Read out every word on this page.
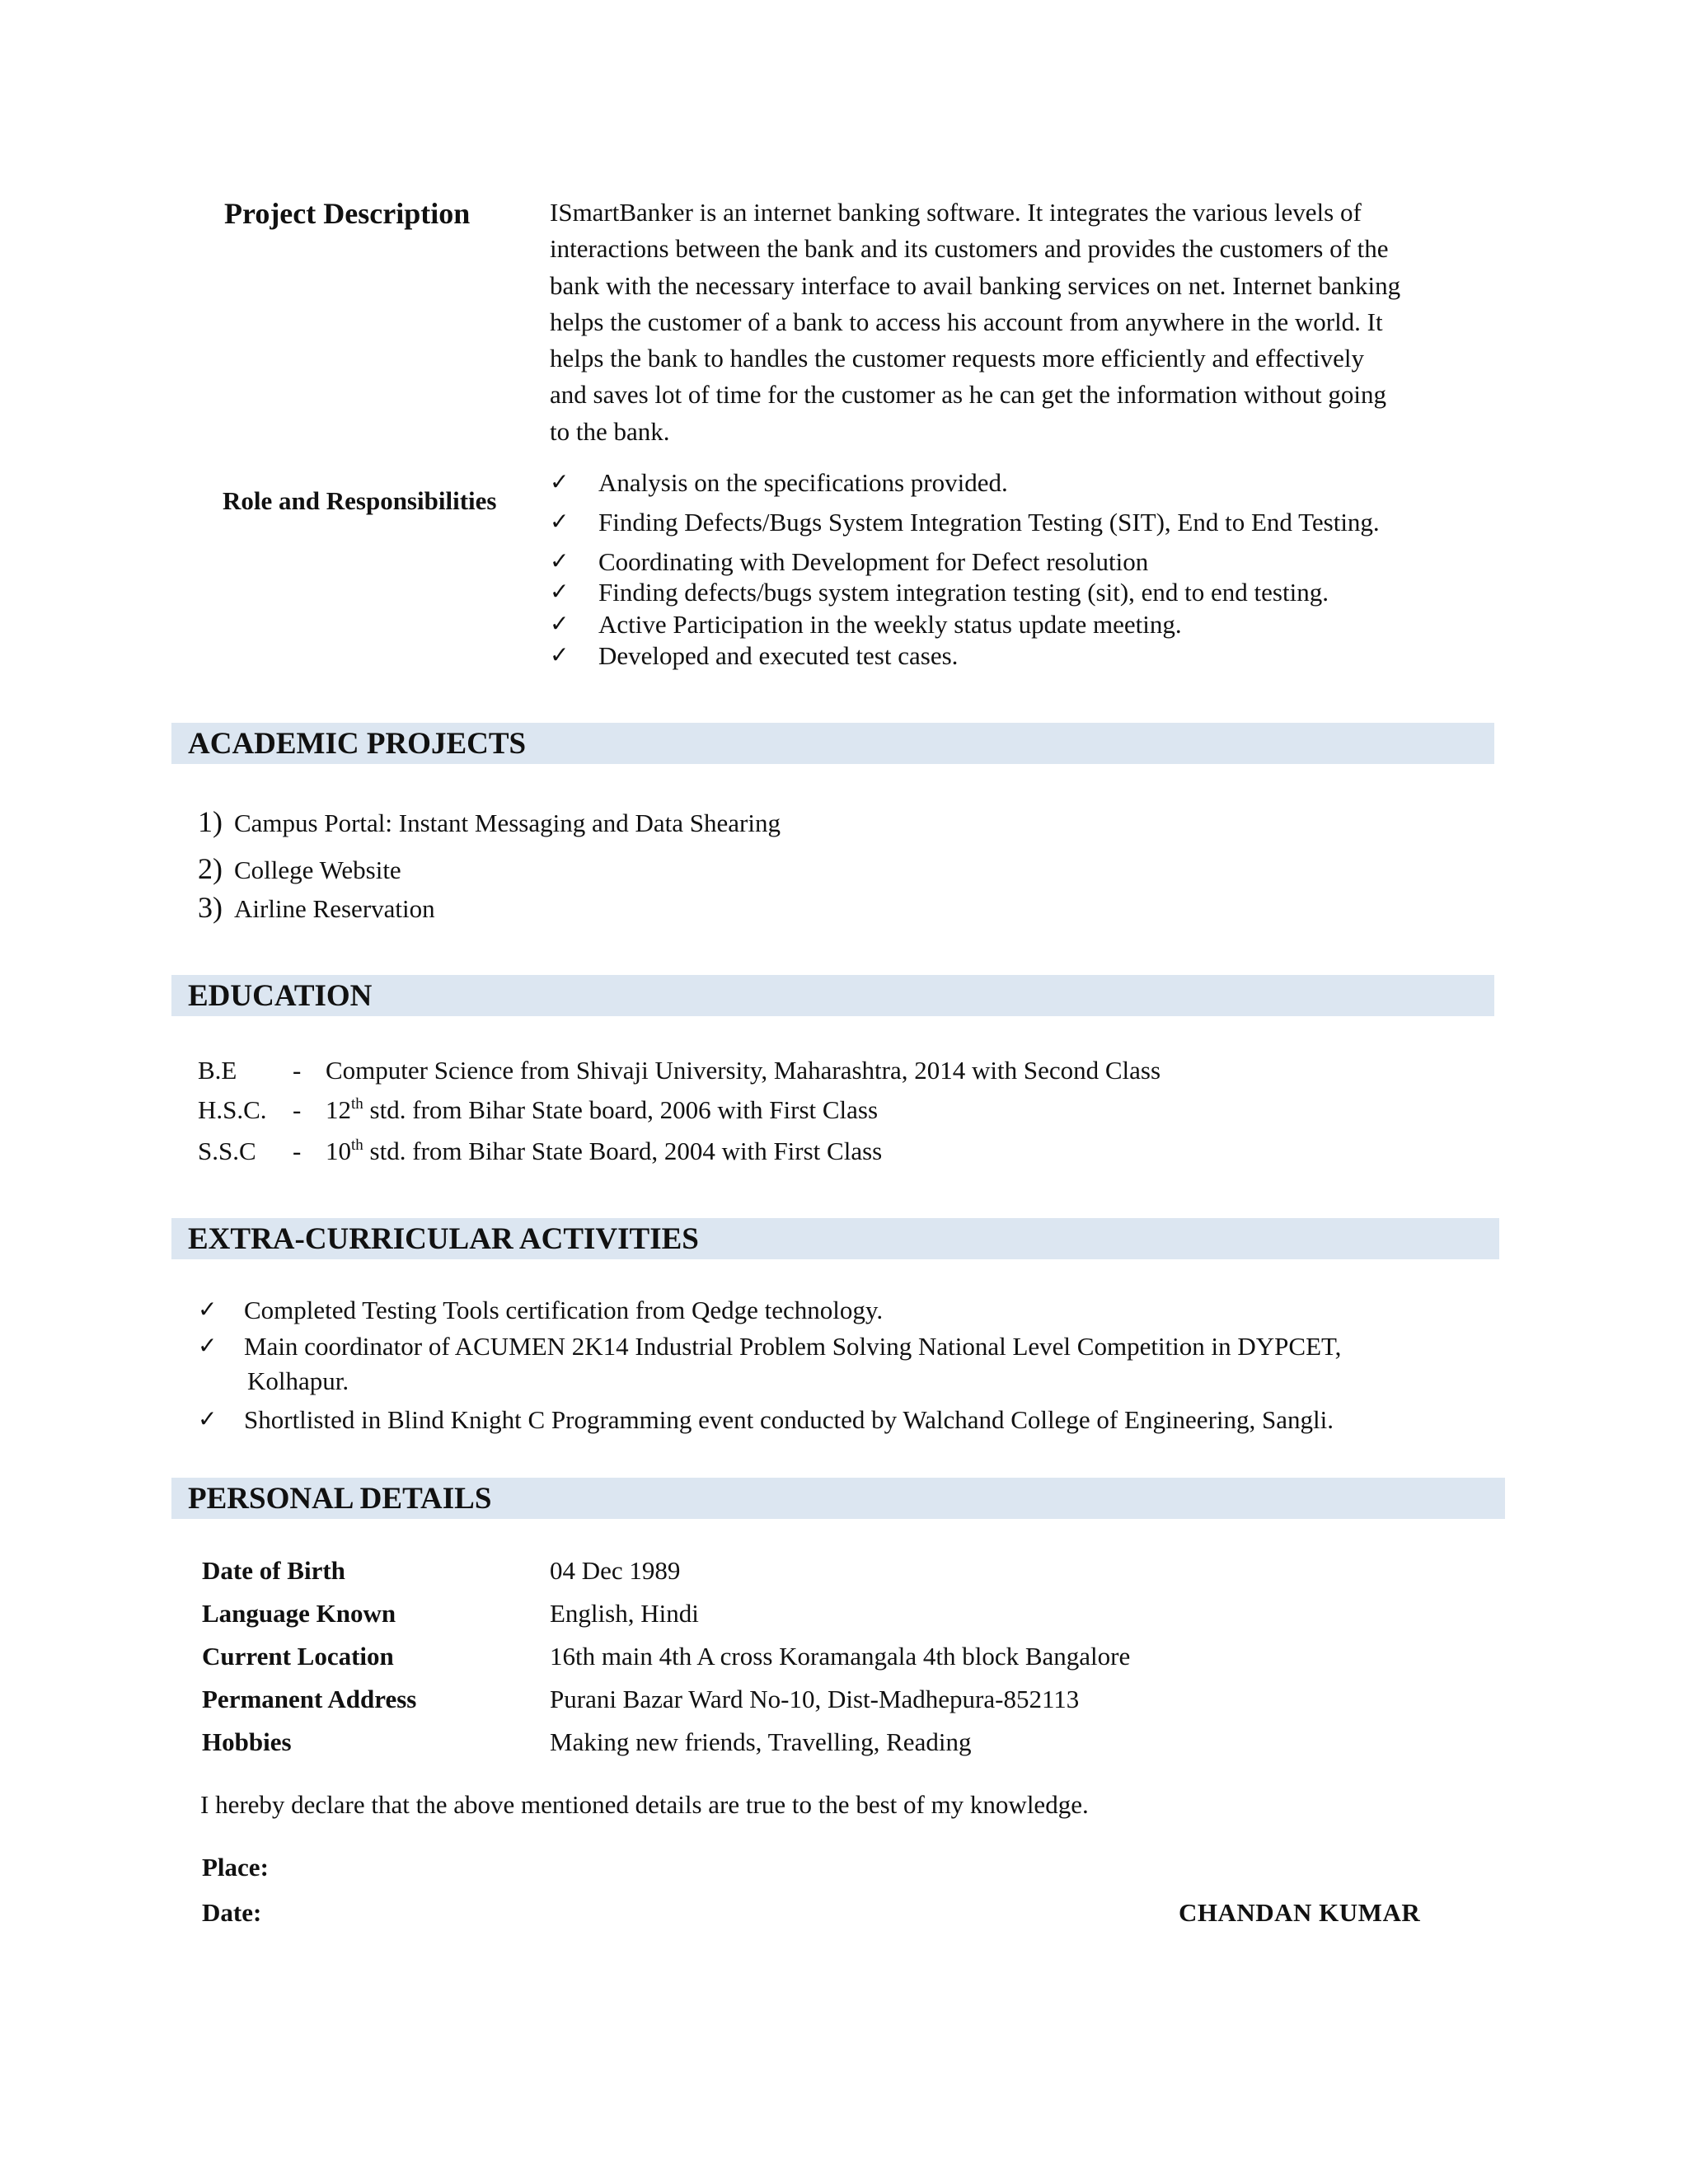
Project Description	ISmartBanker is an internet banking software. It integrates the various levels of
interactions between the bank and its customers and provides the customers of the
bank with the necessary interface to avail banking services on net. Internet banking
helps the customer of a bank to access his account from anywhere in the world. It
helps the bank to handles the customer requests more efficiently and effectively
and saves lot of time for the customer as he can get the information without going
to the bank.
Role and Responsibilities
✓ Analysis on the specifications provided.
✓ Finding Defects/Bugs System Integration Testing (SIT), End to End Testing.
✓ Coordinating with Development for Defect resolution
✓ Finding defects/bugs system integration testing (sit), end to end testing.
✓ Active Participation in the weekly status update meeting.
✓ Developed and executed test cases.
ACADEMIC PROJECTS
1) Campus Portal: Instant Messaging and Data Shearing
2) College Website
3) Airline Reservation
EDUCATION
B.E - Computer Science from Shivaji University, Maharashtra, 2014 with Second Class
H.S.C. - 12th std. from Bihar State board, 2006 with First Class
S.S.C - 10th std. from Bihar State Board, 2004 with First Class
EXTRA-CURRICULAR ACTIVITIES
✓ Completed Testing Tools certification from Qedge technology.
✓ Main coordinator of ACUMEN 2K14 Industrial Problem Solving National Level Competition in DYPCET,
Kolhapur.
✓ Shortlisted in Blind Knight C Programming event conducted by Walchand College of Engineering, Sangli.
PERSONAL DETAILS
Date of Birth	04 Dec 1989
Language Known	English, Hindi
Current Location	16th main 4th A cross Koramangala 4th block Bangalore
Permanent Address	Purani Bazar Ward No-10, Dist-Madhepura-852113
Hobbies	Making new friends, Travelling, Reading
I hereby declare that the above mentioned details are true to the best of my knowledge.
Place:
Date:	CHANDAN KUMAR
